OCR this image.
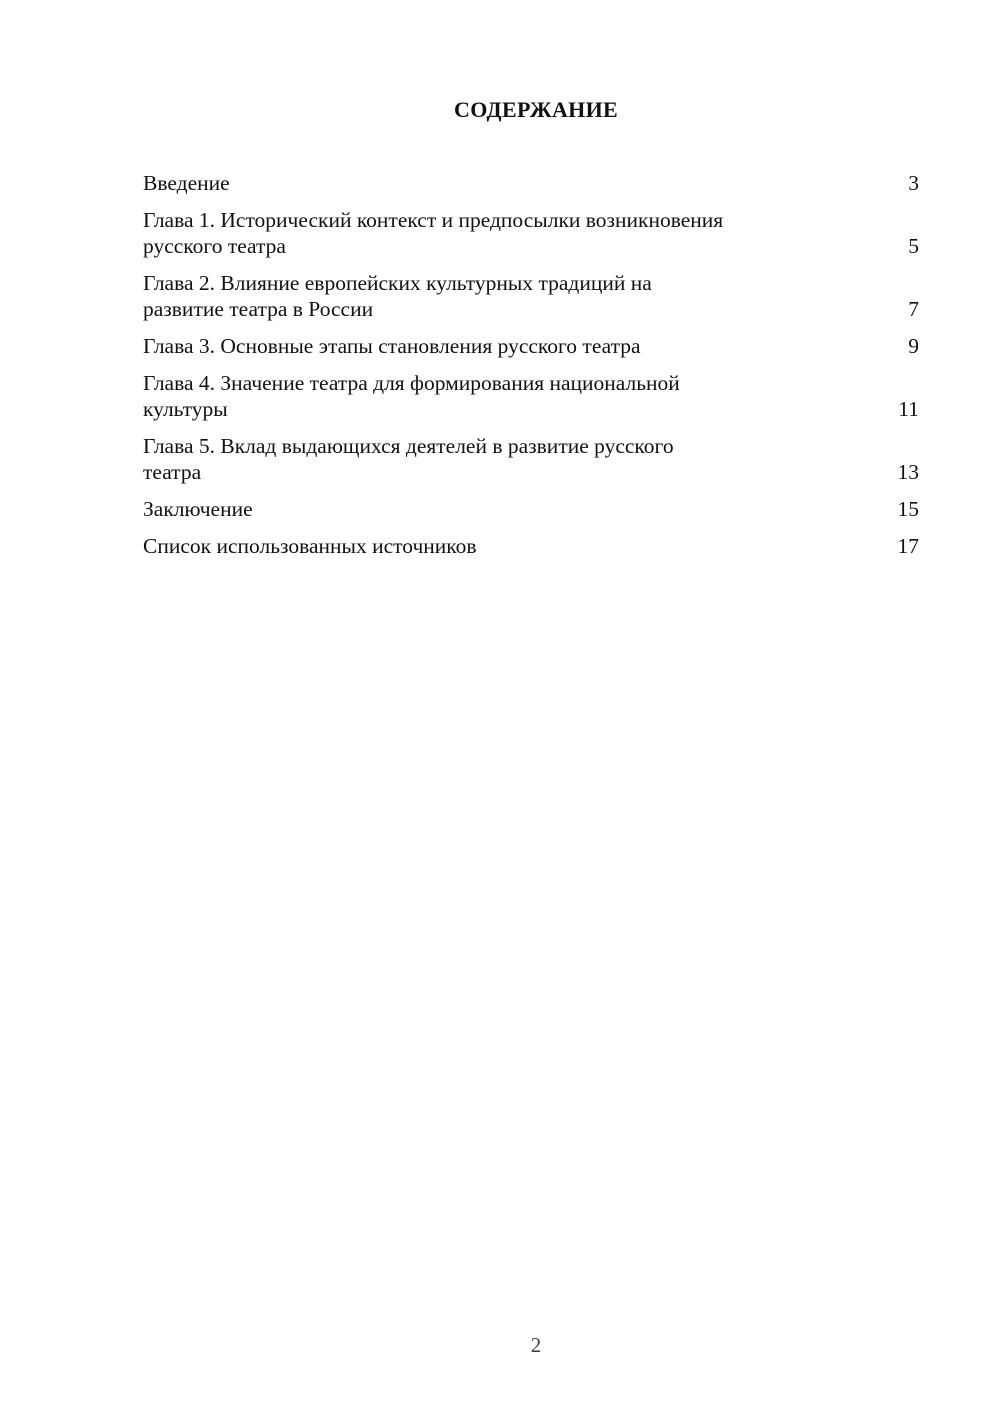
СОДЕРЖАНИЕ
Введение	3
Глава 1. Исторический контекст и предпосылки возникновения
русского театра	5
Глава 2. Влияние европейских культурных традиций на
развитие театра в России	7
Глава 3. Основные этапы становления русского театра	9
Глава 4. Значение театра для формирования национальной
культуры	11
Глава 5. Вклад выдающихся деятелей в развитие русского
театра	13
Заключение	15
Список использованных источников	17
2
